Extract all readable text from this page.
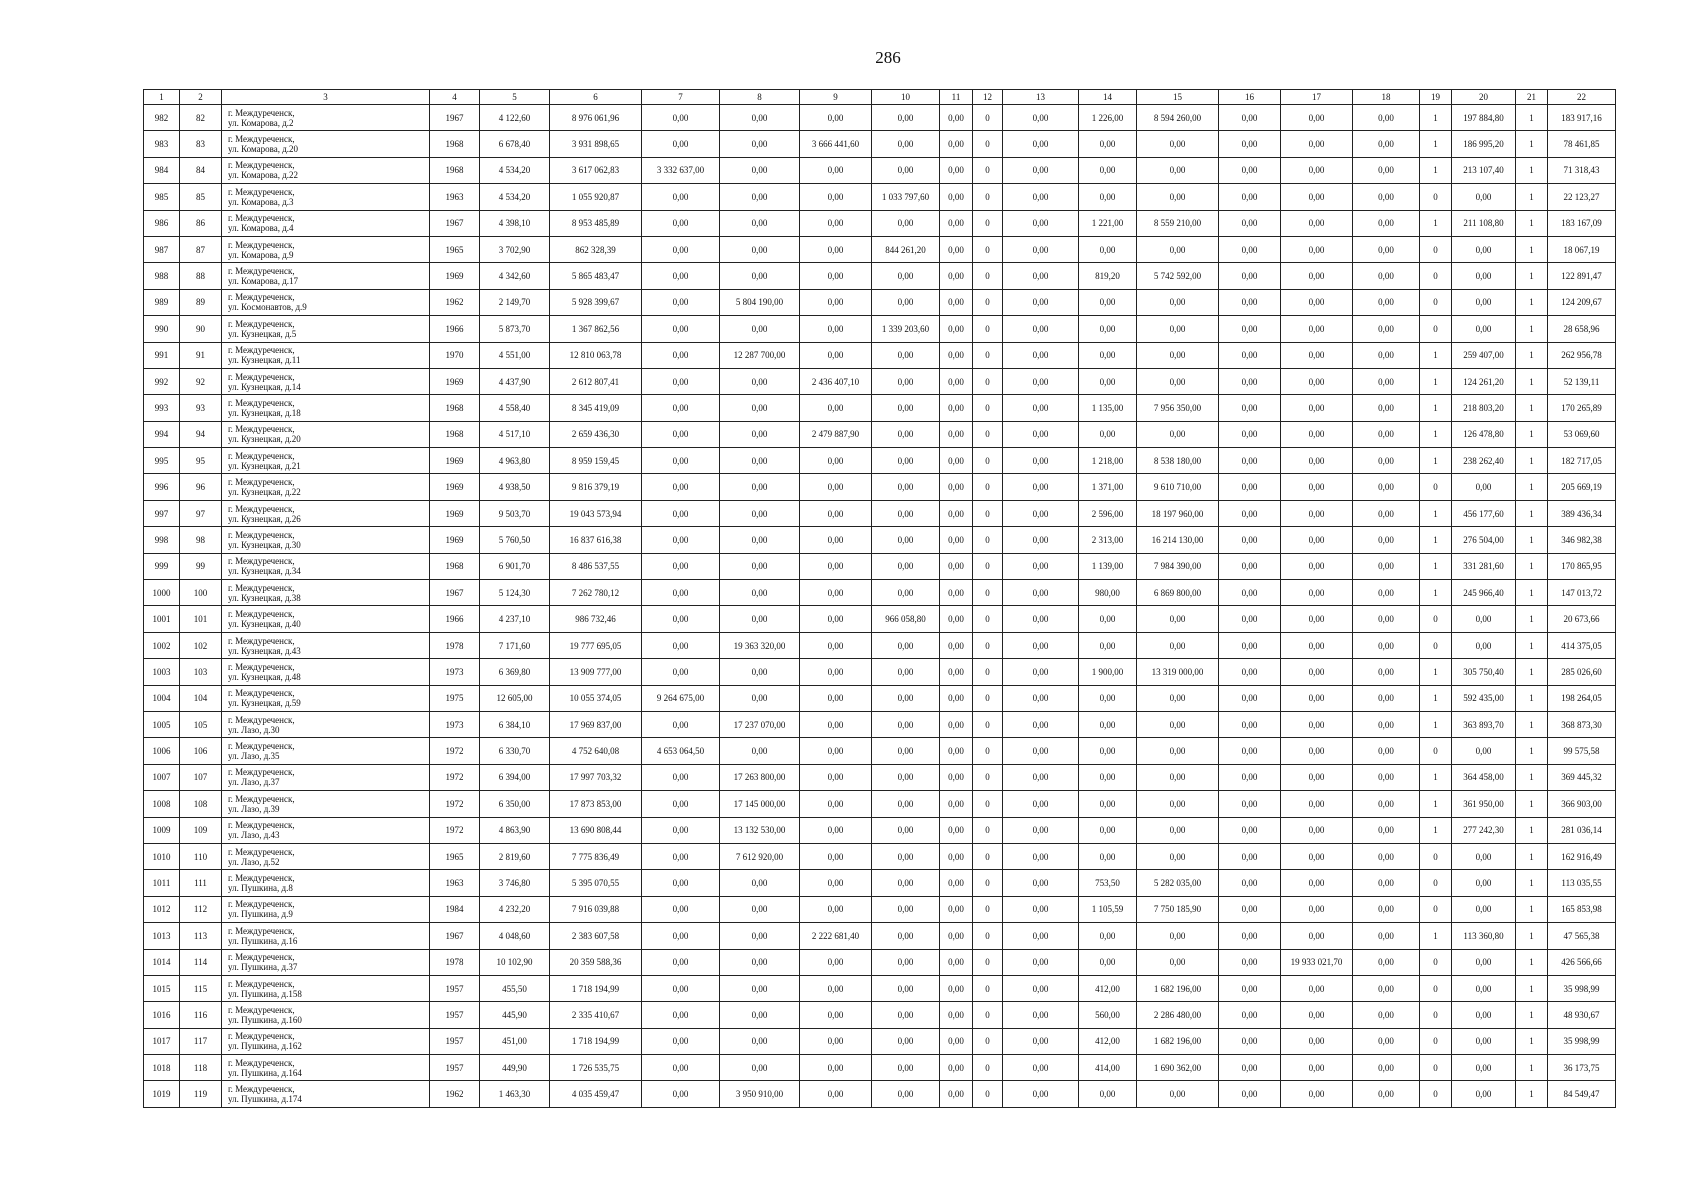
286
1	2	3	4	5	6	7	8	9	10	11	12	13	14	15	16	17	18	19	20	21	22
982	82	г. Междуреченск,
ул. Комарова, д.2	1967	4 122,60	8 976 061,96	0,00	0,00	0,00	0,00	0,00	0	0,00	1 226,00	8 594 260,00	0,00	0,00	0,00	1	197 884,80	1	183 917,16
983	83	г. Междуреченск,
ул. Комарова, д.20	1968	6 678,40	3 931 898,65	0,00	0,00	3 666 441,60	0,00	0,00	0	0,00	0,00	0,00	0,00	0,00	0,00	1	186 995,20	1	78 461,85
984	84	г. Междуреченск,
ул. Комарова, д.22	1968	4 534,20	3 617 062,83	3 332 637,00	0,00	0,00	0,00	0,00	0	0,00	0,00	0,00	0,00	0,00	0,00	1	213 107,40	1	71 318,43
985	85	г. Междуреченск,
ул. Комарова, д.3	1963	4 534,20	1 055 920,87	0,00	0,00	0,00	1 033 797,60	0,00	0	0,00	0,00	0,00	0,00	0,00	0,00	0	0,00	1	22 123,27
986	86	г. Междуреченск,
ул. Комарова, д.4	1967	4 398,10	8 953 485,89	0,00	0,00	0,00	0,00	0,00	0	0,00	1 221,00	8 559 210,00	0,00	0,00	0,00	1	211 108,80	1	183 167,09
987	87	г. Междуреченск,
ул. Комарова, д.9	1965	3 702,90	862 328,39	0,00	0,00	0,00	844 261,20	0,00	0	0,00	0,00	0,00	0,00	0,00	0,00	0	0,00	1	18 067,19
988	88	г. Междуреченск,
ул. Комарова, д.17	1969	4 342,60	5 865 483,47	0,00	0,00	0,00	0,00	0,00	0	0,00	819,20	5 742 592,00	0,00	0,00	0,00	0	0,00	1	122 891,47
989	89	г. Междуреченск,
ул. Космонавтов, д.9	1962	2 149,70	5 928 399,67	0,00	5 804 190,00	0,00	0,00	0,00	0	0,00	0,00	0,00	0,00	0,00	0,00	0	0,00	1	124 209,67
990	90	г. Междуреченск,
ул. Кузнецкая, д.5	1966	5 873,70	1 367 862,56	0,00	0,00	0,00	1 339 203,60	0,00	0	0,00	0,00	0,00	0,00	0,00	0,00	0	0,00	1	28 658,96
991	91	г. Междуреченск,
ул. Кузнецкая, д.11	1970	4 551,00	12 810 063,78	0,00	12 287 700,00	0,00	0,00	0,00	0	0,00	0,00	0,00	0,00	0,00	0,00	1	259 407,00	1	262 956,78
992	92	г. Междуреченск,
ул. Кузнецкая, д.14	1969	4 437,90	2 612 807,41	0,00	0,00	2 436 407,10	0,00	0,00	0	0,00	0,00	0,00	0,00	0,00	0,00	1	124 261,20	1	52 139,11
993	93	г. Междуреченск,
ул. Кузнецкая, д.18	1968	4 558,40	8 345 419,09	0,00	0,00	0,00	0,00	0,00	0	0,00	1 135,00	7 956 350,00	0,00	0,00	0,00	1	218 803,20	1	170 265,89
994	94	г. Междуреченск,
ул. Кузнецкая, д.20	1968	4 517,10	2 659 436,30	0,00	0,00	2 479 887,90	0,00	0,00	0	0,00	0,00	0,00	0,00	0,00	0,00	1	126 478,80	1	53 069,60
995	95	г. Междуреченск,
ул. Кузнецкая, д.21	1969	4 963,80	8 959 159,45	0,00	0,00	0,00	0,00	0,00	0	0,00	1 218,00	8 538 180,00	0,00	0,00	0,00	1	238 262,40	1	182 717,05
996	96	г. Междуреченск,
ул. Кузнецкая, д.22	1969	4 938,50	9 816 379,19	0,00	0,00	0,00	0,00	0,00	0	0,00	1 371,00	9 610 710,00	0,00	0,00	0,00	0	0,00	1	205 669,19
997	97	г. Междуреченск,
ул. Кузнецкая, д.26	1969	9 503,70	19 043 573,94	0,00	0,00	0,00	0,00	0,00	0	0,00	2 596,00	18 197 960,00	0,00	0,00	0,00	1	456 177,60	1	389 436,34
998	98	г. Междуреченск,
ул. Кузнецкая, д.30	1969	5 760,50	16 837 616,38	0,00	0,00	0,00	0,00	0,00	0	0,00	2 313,00	16 214 130,00	0,00	0,00	0,00	1	276 504,00	1	346 982,38
999	99	г. Междуреченск,
ул. Кузнецкая, д.34	1968	6 901,70	8 486 537,55	0,00	0,00	0,00	0,00	0,00	0	0,00	1 139,00	7 984 390,00	0,00	0,00	0,00	1	331 281,60	1	170 865,95
1000	100	г. Междуреченск,
ул. Кузнецкая, д.38	1967	5 124,30	7 262 780,12	0,00	0,00	0,00	0,00	0,00	0	0,00	980,00	6 869 800,00	0,00	0,00	0,00	1	245 966,40	1	147 013,72
1001	101	г. Междуреченск,
ул. Кузнецкая, д.40	1966	4 237,10	986 732,46	0,00	0,00	0,00	966 058,80	0,00	0	0,00	0,00	0,00	0,00	0,00	0,00	0	0,00	1	20 673,66
1002	102	г. Междуреченск,
ул. Кузнецкая, д.43	1978	7 171,60	19 777 695,05	0,00	19 363 320,00	0,00	0,00	0,00	0	0,00	0,00	0,00	0,00	0,00	0,00	0	0,00	1	414 375,05
1003	103	г. Междуреченск,
ул. Кузнецкая, д.48	1973	6 369,80	13 909 777,00	0,00	0,00	0,00	0,00	0,00	0	0,00	1 900,00	13 319 000,00	0,00	0,00	0,00	1	305 750,40	1	285 026,60
1004	104	г. Междуреченск,
ул. Кузнецкая, д.59	1975	12 605,00	10 055 374,05	9 264 675,00	0,00	0,00	0,00	0,00	0	0,00	0,00	0,00	0,00	0,00	0,00	1	592 435,00	1	198 264,05
1005	105	г. Междуреченск,
ул. Лазо, д.30	1973	6 384,10	17 969 837,00	0,00	17 237 070,00	0,00	0,00	0,00	0	0,00	0,00	0,00	0,00	0,00	0,00	1	363 893,70	1	368 873,30
1006	106	г. Междуреченск,
ул. Лазо, д.35	1972	6 330,70	4 752 640,08	4 653 064,50	0,00	0,00	0,00	0,00	0	0,00	0,00	0,00	0,00	0,00	0,00	0	0,00	1	99 575,58
1007	107	г. Междуреченск,
ул. Лазо, д.37	1972	6 394,00	17 997 703,32	0,00	17 263 800,00	0,00	0,00	0,00	0	0,00	0,00	0,00	0,00	0,00	0,00	1	364 458,00	1	369 445,32
1008	108	г. Междуреченск,
ул. Лазо, д.39	1972	6 350,00	17 873 853,00	0,00	17 145 000,00	0,00	0,00	0,00	0	0,00	0,00	0,00	0,00	0,00	0,00	1	361 950,00	1	366 903,00
1009	109	г. Междуреченск,
ул. Лазо, д.43	1972	4 863,90	13 690 808,44	0,00	13 132 530,00	0,00	0,00	0,00	0	0,00	0,00	0,00	0,00	0,00	0,00	1	277 242,30	1	281 036,14
1010	110	г. Междуреченск,
ул. Лазо, д.52	1965	2 819,60	7 775 836,49	0,00	7 612 920,00	0,00	0,00	0,00	0	0,00	0,00	0,00	0,00	0,00	0,00	0	0,00	1	162 916,49
1011	111	г. Междуреченск,
ул. Пушкина, д.8	1963	3 746,80	5 395 070,55	0,00	0,00	0,00	0,00	0,00	0	0,00	753,50	5 282 035,00	0,00	0,00	0,00	0	0,00	1	113 035,55
1012	112	г. Междуреченск,
ул. Пушкина, д.9	1984	4 232,20	7 916 039,88	0,00	0,00	0,00	0,00	0,00	0	0,00	1 105,59	7 750 185,90	0,00	0,00	0,00	0	0,00	1	165 853,98
1013	113	г. Междуреченск,
ул. Пушкина, д.16	1967	4 048,60	2 383 607,58	0,00	0,00	2 222 681,40	0,00	0,00	0	0,00	0,00	0,00	0,00	0,00	0,00	1	113 360,80	1	47 565,38
1014	114	г. Междуреченск,
ул. Пушкина, д.37	1978	10 102,90	20 359 588,36	0,00	0,00	0,00	0,00	0,00	0	0,00	0,00	0,00	0,00	19 933 021,70	0,00	0	0,00	1	426 566,66
1015	115	г. Междуреченск,
ул. Пушкина, д.158	1957	455,50	1 718 194,99	0,00	0,00	0,00	0,00	0,00	0	0,00	412,00	1 682 196,00	0,00	0,00	0,00	0	0,00	1	35 998,99
1016	116	г. Междуреченск,
ул. Пушкина, д.160	1957	445,90	2 335 410,67	0,00	0,00	0,00	0,00	0,00	0	0,00	560,00	2 286 480,00	0,00	0,00	0,00	0	0,00	1	48 930,67
1017	117	г. Междуреченск,
ул. Пушкина, д.162	1957	451,00	1 718 194,99	0,00	0,00	0,00	0,00	0,00	0	0,00	412,00	1 682 196,00	0,00	0,00	0,00	0	0,00	1	35 998,99
1018	118	г. Междуреченск,
ул. Пушкина, д.164	1957	449,90	1 726 535,75	0,00	0,00	0,00	0,00	0,00	0	0,00	414,00	1 690 362,00	0,00	0,00	0,00	0	0,00	1	36 173,75
1019	119	г. Междуреченск,
ул. Пушкина, д.174	1962	1 463,30	4 035 459,47	0,00	3 950 910,00	0,00	0,00	0,00	0	0,00	0,00	0,00	0,00	0,00	0,00	0	0,00	1	84 549,47
